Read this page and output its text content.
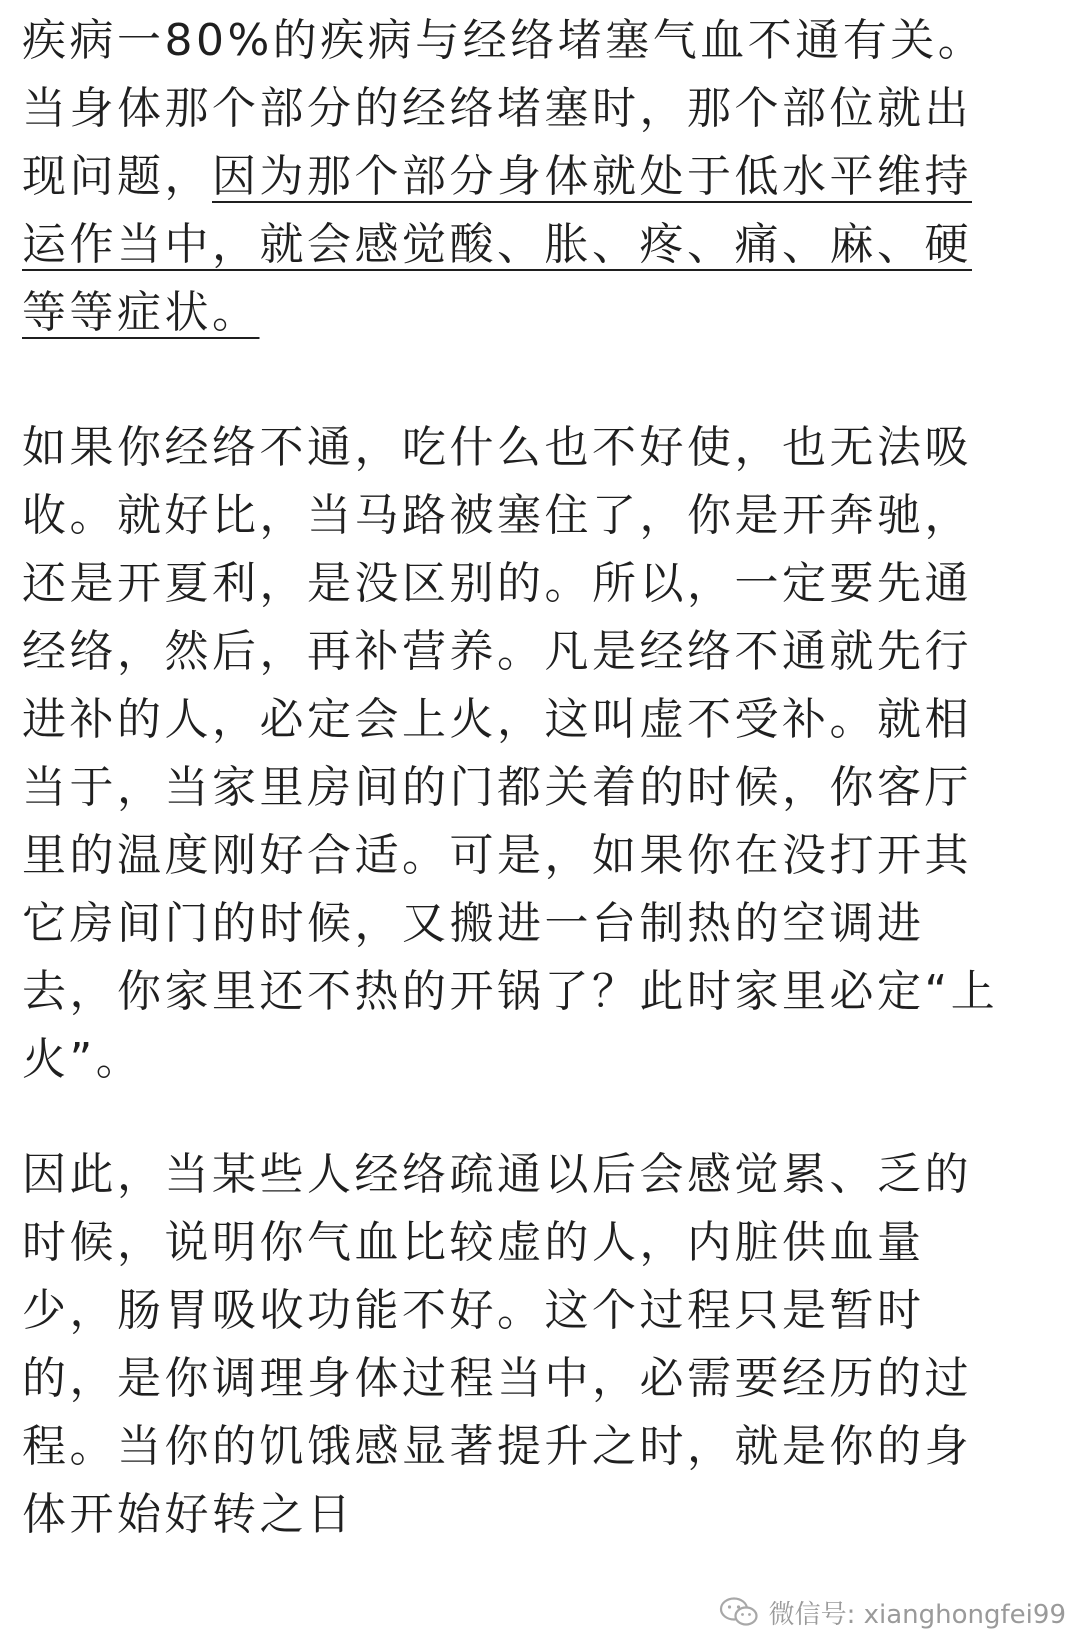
疾病一80%的疾病与经络堵塞气血不通有关。
当身体那个部分的经络堵塞时，那个部位就出
现问题，因为那个部分身体就处于低水平维持
运作当中，就会感觉酸、胀、疼、痛、麻、硬
等等症状。
如果你经络不通，吃什么也不好使，也无法吸
收。就好比，当马路被塞住了，你是开奔驰，
还是开夏利，是没区别的。所以，一定要先通
经络，然后，再补营养。凡是经络不通就先行
进补的人，必定会上火，这叫虚不受补。就相
当于，当家里房间的门都关着的时候，你客厅
里的温度刚好合适。可是，如果你在没打开其
它房间门的时候，又搬进一台制热的空调进
去，你家里还不热的开锅了？此时家里必定“上
火”。
因此，当某些人经络疏通以后会感觉累、乏的
时候，说明你气血比较虚的人，内脏供血量
少，肠胃吸收功能不好。这个过程只是暂时
的，是你调理身体过程当中，必需要经历的过
程。当你的饥饿感显著提升之时，就是你的身
体开始好转之日
微信号: xianghongfei99
